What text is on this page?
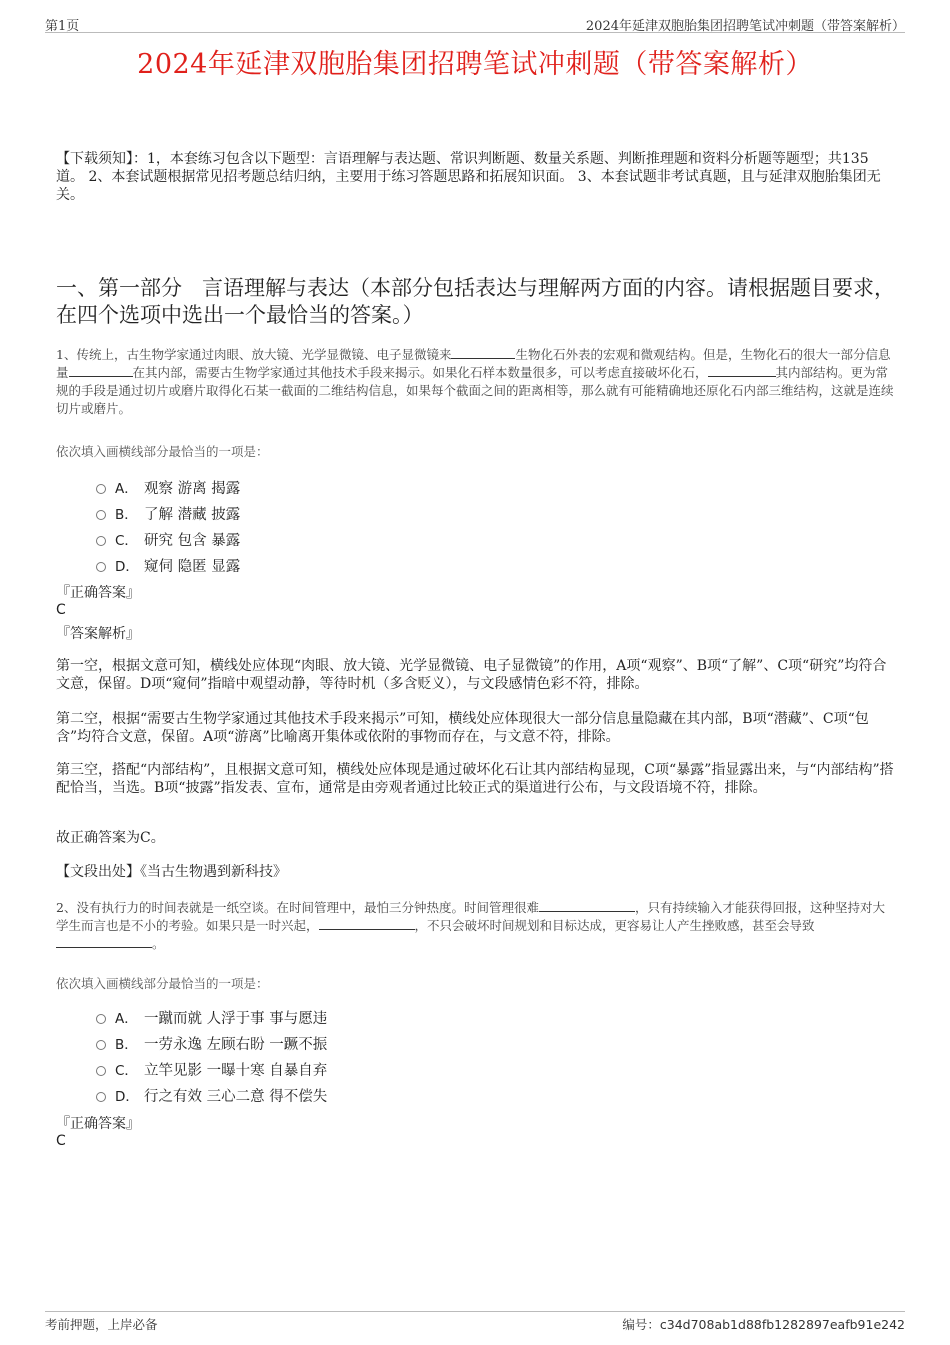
第1页	2024年延津双胞胎集团招聘笔试冲刺题（带答案解析）
2024年延津双胞胎集团招聘笔试冲刺题（带答案解析）
【下载须知】：1，本套练习包含以下题型：言语理解与表达题、常识判断题、数量关系题、判断推理题和资料分析题等题型；共135道。 2、本套试题根据常见招考题总结归纳，主要用于练习答题思路和拓展知识面。 3、本套试题非考试真题，且与延津双胞胎集团无关。
一、第一部分 言语理解与表达（本部分包括表达与理解两方面的内容。请根据题目要求，在四个选项中选出一个最恰当的答案。）
1、传统上，古生物学家通过肉眼、放大镜、光学显微镜、电子显微镜来	生物化石外表的宏观和微观结构。但是，生物化石的很大一部分信息量	在其内部，需要古生物学家通过其他技术手段来揭示。如果化石样本数量很多，可以考虑直接破坏化石，	其内部结构。更为常规的手段是通过切片或磨片取得化石某一截面的二维结构信息，如果每个截面之间的距离相等，那么就有可能精确地还原化石内部三维结构，这就是连续切片或磨片。
依次填入画横线部分最恰当的一项是：
A． 观察 游离 揭露
B． 了解 潜藏 披露
C． 研究 包含 暴露
D． 窥伺 隐匿 显露
『正确答案』
C
『答案解析』
第一空，根据文意可知，横线处应体现“肉眼、放大镜、光学显微镜、电子显微镜”的作用，A项“观察”、B项“了解”、C项“研究”均符合文意，保留。D项“窥伺”指暗中观望动静，等待时机（多含贬义），与文段感情色彩不符，排除。
第二空，根据“需要古生物学家通过其他技术手段来揭示”可知，横线处应体现很大一部分信息量隐藏在其内部，B项“潜藏”、C项“包含”均符合文意，保留。A项“游离”比喻离开集体或依附的事物而存在，与文意不符，排除。
第三空，搭配“内部结构”，且根据文意可知，横线处应体现是通过破坏化石让其内部结构显现，C项“暴露”指显露出来，与“内部结构”搭配恰当，当选。B项“披露”指发表、宣布，通常是由旁观者通过比较正式的渠道进行公布，与文段语境不符，排除。
故正确答案为C。
【文段出处】《当古生物遇到新科技》
2、没有执行力的时间表就是一纸空谈。在时间管理中，最怕三分钟热度。时间管理很难	，只有持续输入才能获得回报，这种坚持对大学生而言也是不小的考验。如果只是一时兴起，	，不只会破坏时间规划和目标达成，更容易让人产生挫败感，甚至会导致。
依次填入画横线部分最恰当的一项是：
A． 一蹴而就 人浮于事 事与愿违
B． 一劳永逸 左顾右盼 一蹶不振
C． 立竿见影 一曝十寒 自暴自弃
D． 行之有效 三心二意 得不偿失
『正确答案』
C
考前押题，上岸必备	编号：c34d708ab1d88fb1282897eafb91e242
